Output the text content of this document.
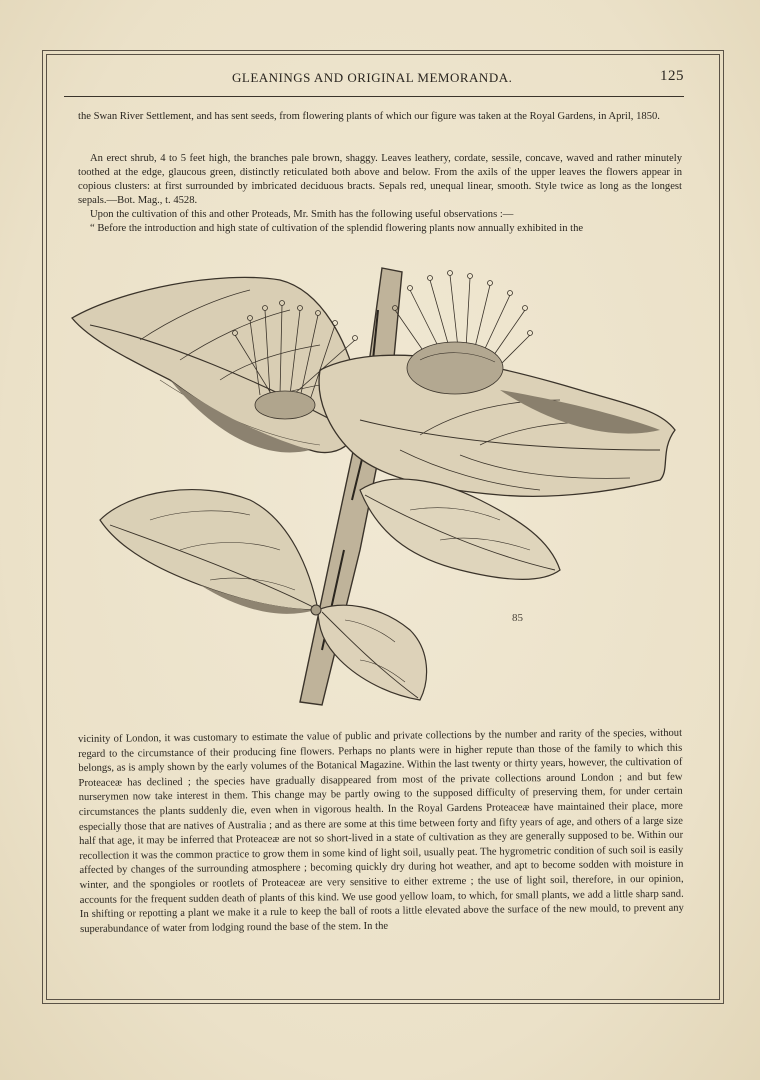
GLEANINGS AND ORIGINAL MEMORANDA.	125

the Swan River Settlement, and has sent seeds, from flowering plants of which our figure was taken at the Royal Gardens, in April, 1850.

An erect shrub, 4 to 5 feet high, the branches pale brown, shaggy. Leaves leathery, cordate, sessile, concave, waved and rather minutely toothed at the edge, glaucous green, distinctly reticulated both above and below. From the axils of the upper leaves the flowers appear in copious clusters: at first surrounded by imbricated deciduous bracts. Sepals red, unequal linear, smooth. Style twice as long as the longest sepals.—Bot. Mag., t. 4528.

Upon the cultivation of this and other Proteads, Mr. Smith has the following useful observations :—

“ Before the introduction and high state of cultivation of the splendid flowering plants now annually exhibited in the

85

vicinity of London, it was customary to estimate the value of public and private collections by the number and rarity of the species, without regard to the circumstance of their producing fine flowers. Perhaps no plants were in higher repute than those of the family to which this belongs, as is amply shown by the early volumes of the Botanical Magazine. Within the last twenty or thirty years, however, the cultivation of Proteaceæ has declined ; the species have gradually disappeared from most of the private collections around London ; and but few nurserymen now take interest in them. This change may be partly owing to the supposed difficulty of preserving them, for under certain circumstances the plants suddenly die, even when in vigorous health. In the Royal Gardens Proteaceæ have maintained their place, more especially those that are natives of Australia ; and as there are some at this time between forty and fifty years of age, and others of a large size half that age, it may be inferred that Proteaceæ are not so short-lived in a state of cultivation as they are generally supposed to be. Within our recollection it was the common practice to grow them in some kind of light soil, usually peat. The hygrometric condition of such soil is easily affected by changes of the surrounding atmosphere ; becoming quickly dry during hot weather, and apt to become sodden with moisture in winter, and the spongioles or rootlets of Proteaceæ are very sensitive to either extreme ; the use of light soil, therefore, in our opinion, accounts for the frequent sudden death of plants of this kind. We use good yellow loam, to which, for small plants, we add a little sharp sand. In shifting or repotting a plant we make it a rule to keep the ball of roots a little elevated above the surface of the new mould, to prevent any superabundance of water from lodging round the base of the stem. In the
